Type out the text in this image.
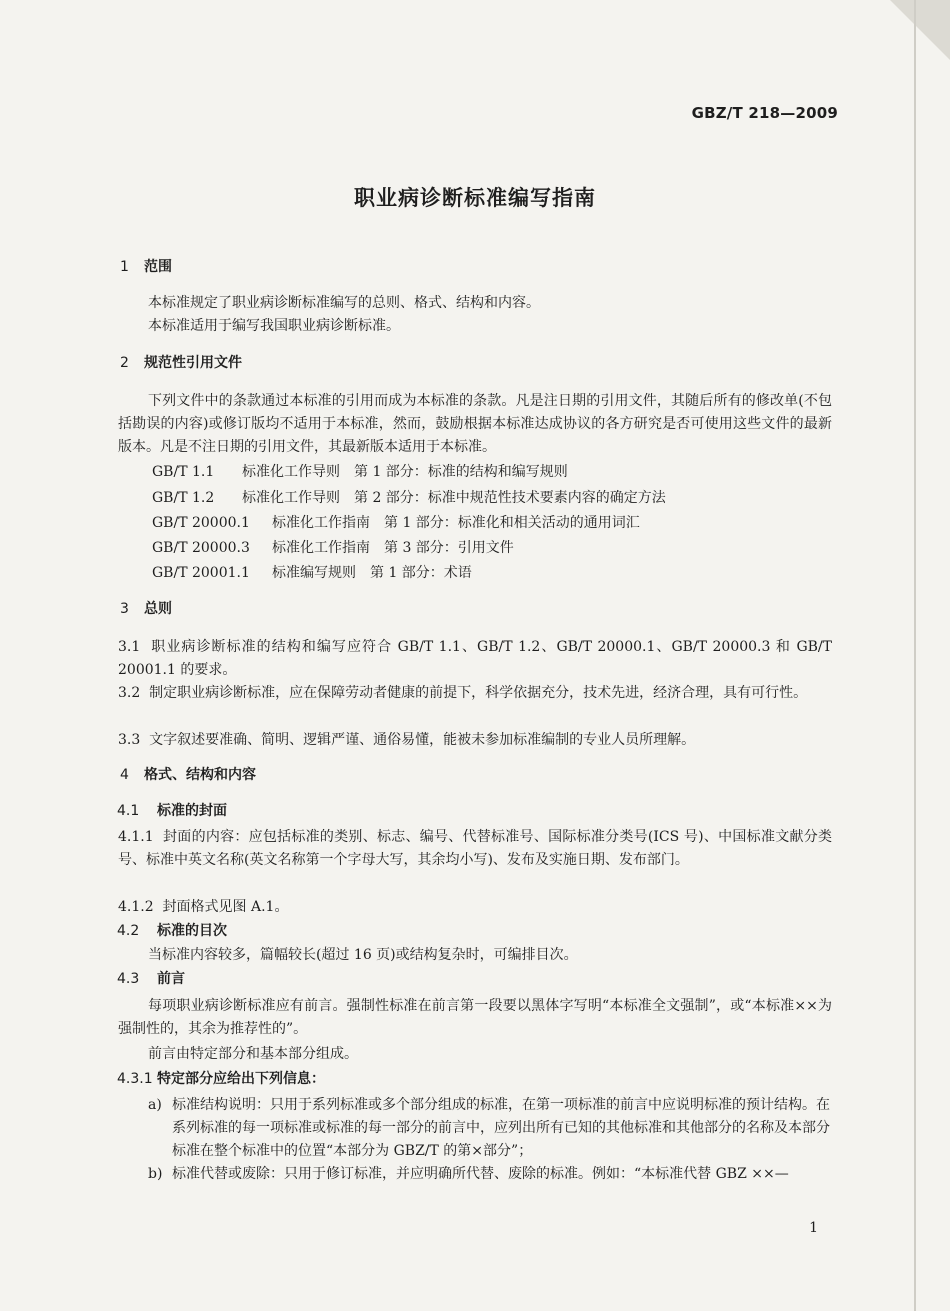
GBZ/T 218—2009
职业病诊断标准编写指南
1 范围
本标准规定了职业病诊断标准编写的总则、格式、结构和内容。
本标准适用于编写我国职业病诊断标准。
2 规范性引用文件
下列文件中的条款通过本标准的引用而成为本标准的条款。凡是注日期的引用文件，其随后所有的修改单(不包括勘误的内容)或修订版均不适用于本标准，然而，鼓励根据本标准达成协议的各方研究是否可使用这些文件的最新版本。凡是不注日期的引用文件，其最新版本适用于本标准。
GB/T 1.1 标准化工作导则 第 1 部分：标准的结构和编写规则
GB/T 1.2 标准化工作导则 第 2 部分：标准中规范性技术要素内容的确定方法
GB/T 20000.1 标准化工作指南 第 1 部分：标准化和相关活动的通用词汇
GB/T 20000.3 标准化工作指南 第 3 部分：引用文件
GB/T 20001.1 标准编写规则 第 1 部分：术语
3 总则
3.1 职业病诊断标准的结构和编写应符合 GB/T 1.1、GB/T 1.2、GB/T 20000.1、GB/T 20000.3 和 GB/T 20001.1 的要求。
3.2 制定职业病诊断标准，应在保障劳动者健康的前提下，科学依据充分，技术先进，经济合理，具有可行性。
3.3 文字叙述要准确、简明、逻辑严谨、通俗易懂，能被未参加标准编制的专业人员所理解。
4 格式、结构和内容
4.1 标准的封面
4.1.1 封面的内容：应包括标准的类别、标志、编号、代替标准号、国际标准分类号(ICS 号)、中国标准文献分类号、标准中英文名称(英文名称第一个字母大写，其余均小写)、发布及实施日期、发布部门。
4.1.2 封面格式见图 A.1。
4.2 标准的目次
当标准内容较多，篇幅较长(超过 16 页)或结构复杂时，可编排目次。
4.3 前言
每项职业病诊断标准应有前言。强制性标准在前言第一段要以黑体字写明“本标准全文强制”，或“本标准××为强制性的，其余为推荐性的”。
前言由特定部分和基本部分组成。
4.3.1 特定部分应给出下列信息：
a) 标准结构说明：只用于系列标准或多个部分组成的标准，在第一项标准的前言中应说明标准的预计结构。在系列标准的每一项标准或标准的每一部分的前言中，应列出所有已知的其他标准和其他部分的名称及本部分标准在整个标准中的位置“本部分为 GBZ/T 的第×部分”；
b) 标准代替或废除：只用于修订标准，并应明确所代替、废除的标准。例如：“本标准代替 GBZ ××—
1
